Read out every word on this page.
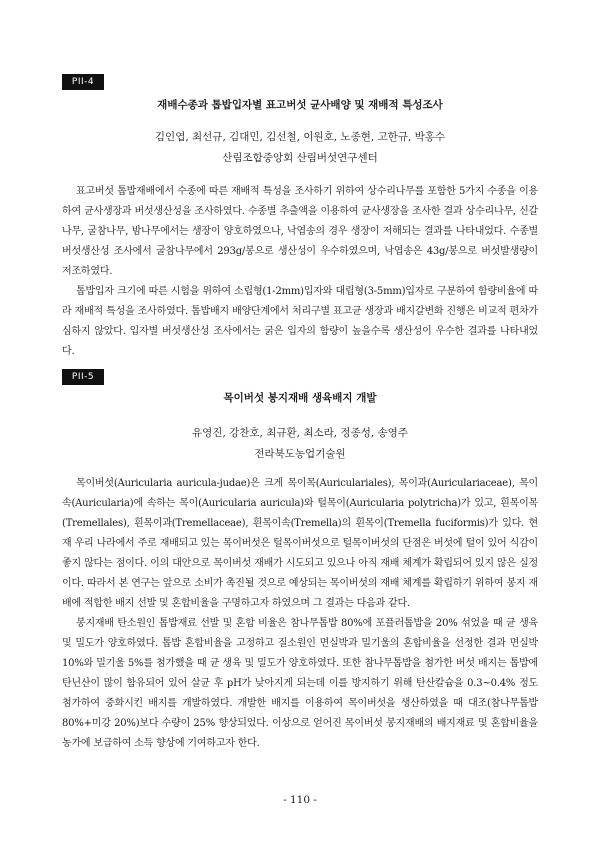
PII-4
재배수종과 톱밥입자별 표고버섯 균사배양 및 재배적 특성조사
김인엽, 최선규, 김대민, 김선철, 이원호, 노종현, 고한규, 박홍수
산림조합중앙회 산림버섯연구센터

표고버섯 톱밥재배에서 수종에 따른 재배적 특성을 조사하기 위하여 상수리나무를 포함한 5가지 수종을 이용하여 균사생장과 버섯생산성을 조사하였다. 수종별 추출액을 이용하여 균사생장을 조사한 결과 상수리나무, 신갈나무, 굴참나무, 밤나무에서는 생장이 양호하였으나, 낙엽송의 경우 생장이 저해되는 결과를 나타내었다. 수종별 버섯생산성 조사에서 굴참나무에서 293g/봉으로 생산성이 우수하였으며, 낙엽송은 43g/봉으로 버섯발생량이 저조하였다.

톱밥입자 크기에 따른 시험을 위하여 소립형(1-2mm)입자와 대립형(3-5mm)입자로 구분하여 함량비율에 따라 재배적 특성을 조사하였다. 톱밥배지 배양단계에서 처리구별 표고균 생장과 배지갈변화 진행은 비교적 편차가 심하지 않았다. 입자별 버섯생산성 조사에서는 굵은 입자의 함량이 높을수록 생산성이 우수한 결과를 나타내었다.

PII-5
목이버섯 봉지재배 생육배지 개발
유영진, 강찬호, 최규환, 최소라, 정종성, 송영주
전라북도농업기술원

목이버섯(Auricularia auricula-judae)은 크게 목이목(Auriculariales), 목이과(Auriculariaceae), 목이속(Auricularia)에 속하는 목이(Auricularia auricula)와 털목이(Auricularia polytricha)가 있고, 흰목이목(Tremellales), 흰목이과(Tremellaceae), 흰목이속(Tremella)의 흰목이(Tremella fuciformis)가 있다. 현재 우리 나라에서 주로 재배되고 있는 목이버섯은 털목이버섯으로 털목이버섯의 단점은 버섯에 털이 있어 식감이 좋지 않다는 점이다. 이의 대안으로 목이버섯 재배가 시도되고 있으나 아직 재배 체계가 확립되어 있지 않은 실정이다. 따라서 본 연구는 앞으로 소비가 촉진될 것으로 예상되는 목이버섯의 재배 체계를 확립하기 위하여 봉지 재배에 적합한 배지 선발 및 혼합비율을 구명하고자 하였으며 그 결과는 다음과 같다.

봉지재배 탄소원인 톱밥재료 선발 및 혼합 비율은 참나무톱밥 80%에 포플러톱밥을 20% 섞었을 때 균 생육 및 밀도가 양호하였다. 톱밥 혼합비율을 고정하고 질소원인 면실박과 밀기울의 혼합비율을 선정한 결과 면실박 10%와 밀기울 5%를 첨가했을 때 균 생육 및 밀도가 양호하였다. 또한 참나무톱밥을 첨가한 버섯 배지는 톱밥에 탄닌산이 많이 함유되어 있어 살균 후 pH가 낮아지게 되는데 이를 방지하기 위해 탄산칼슘을 0.3~0.4% 정도 첨가하여 중화시킨 배지를 개발하였다. 개발한 배지를 이용하여 목이버섯을 생산하였을 때 대조(참나무톱밥 80%+미강 20%)보다 수량이 25% 향상되었다. 이상으로 얻어진 목이버섯 봉지재배의 배지재료 및 혼합비율을 농가에 보급하여 소득 향상에 기여하고자 한다.

- 110 -
